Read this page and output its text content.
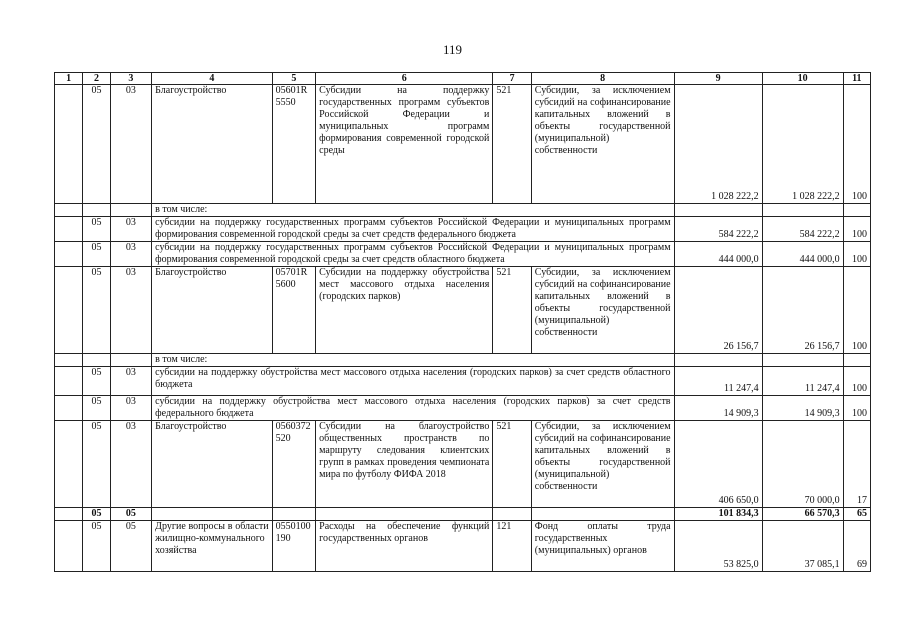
119
1	2	3	4	5	6	7	8	9	10	11
	05	03	Благоустройство	05601R5550	Субсидии на поддержку государственных программ субъектов Российской Федерации и муниципальных программ формирования современной городской среды	521	Субсидии, за исключением субсидий на софинансирование капитальных вложений в объекты государственной (муниципальной) собственности	1 028 222,2	1 028 222,2	100
			в том числе:							
	05	03	субсидии на поддержку государственных программ субъектов Российской Федерации и муниципальных программ формирования современной городской среды за счет средств федерального бюджета					584 222,2	584 222,2	100
	05	03	субсидии на поддержку государственных программ субъектов Российской Федерации и муниципальных программ формирования современной городской среды за счет средств областного бюджета					444 000,0	444 000,0	100
	05	03	Благоустройство	05701R5600	Субсидии на поддержку обустройства мест массового отдыха населения (городских парков)	521	Субсидии, за исключением субсидий на софинансирование капитальных вложений в объекты государственной (муниципальной) собственности	26 156,7	26 156,7	100
			в том числе:							
	05	03	субсидии на поддержку обустройства мест массового отдыха населения (городских парков) за счет средств областного бюджета					11 247,4	11 247,4	100
	05	03	субсидии на поддержку обустройства мест массового отдыха населения (городских парков) за счет средств федерального бюджета					14 909,3	14 909,3	100
	05	03	Благоустройство	0560372520	Субсидии на благоустройство общественных пространств по маршруту следования клиентских групп в рамках проведения чемпионата мира по футболу ФИФА 2018	521	Субсидии, за исключением субсидий на софинансирование капитальных вложений в объекты государственной (муниципальной) собственности	406 650,0	70 000,0	17
	05	05						101 834,3	66 570,3	65
	05	05	Другие вопросы в области жилищно-коммунального хозяйства	0550100190	Расходы на обеспечение функций государственных органов	121	Фонд оплаты труда государственных (муниципальных) органов	53 825,0	37 085,1	69
